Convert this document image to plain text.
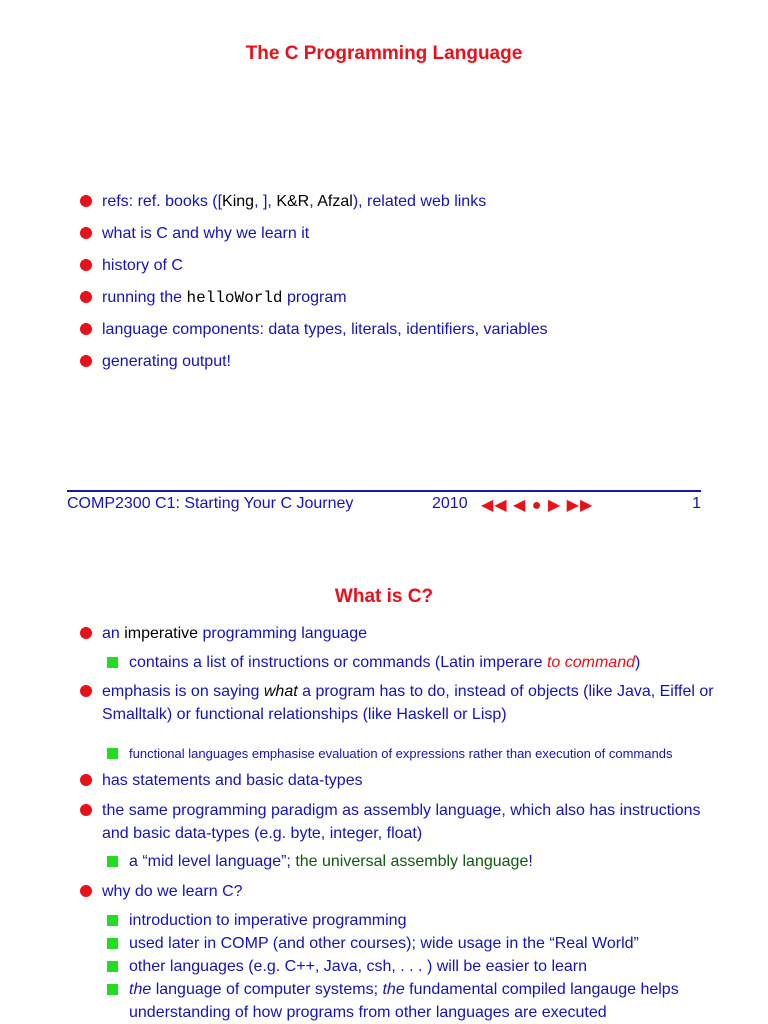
The C Programming Language
refs: ref. books ([King, ], K&R, Afzal), related web links
what is C and why we learn it
history of C
running the helloWorld program
language components: data types, literals, identifiers, variables
generating output!
COMP2300 C1: Starting Your C Journey	2010 ◀◀ ◀ ● ▶ ▶▶	1
What is C?
an imperative programming language
contains a list of instructions or commands (Latin imperare to command)
emphasis is on saying what a program has to do, instead of objects (like Java, Eiffel or Smalltalk) or functional relationships (like Haskell or Lisp)
functional languages emphasise evaluation of expressions rather than execution of commands
has statements and basic data-types
the same programming paradigm as assembly language, which also has instructions and basic data-types (e.g. byte, integer, float)
a “mid level language”; the universal assembly language!
why do we learn C?
introduction to imperative programming
used later in COMP (and other courses); wide usage in the “Real World”
other languages (e.g. C++, Java, csh, . . . ) will be easier to learn
the language of computer systems; the fundamental compiled langauge helps understanding of how programs from other languages are executed
